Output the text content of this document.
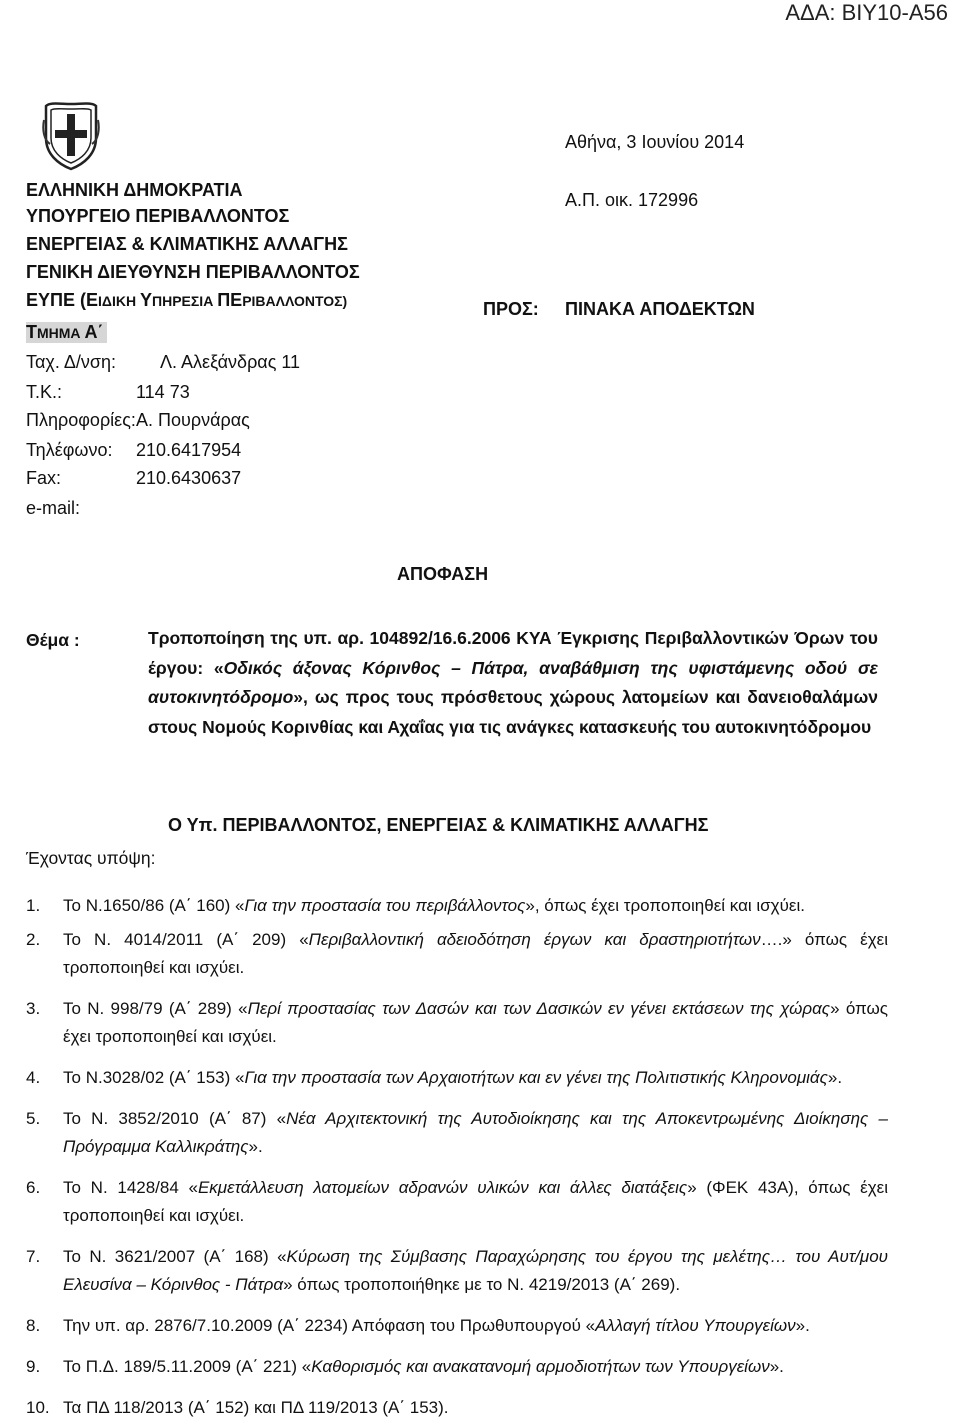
ΑΔΑ: ΒΙΥ10-Α56
ΕΛΛΗΝΙΚΗ ΔΗΜΟΚΡΑΤΙΑ
ΥΠΟΥΡΓΕΙΟ ΠΕΡΙΒΑΛΛΟΝΤΟΣ
ΕΝΕΡΓΕΙΑΣ & ΚΛΙΜΑΤΙΚΗΣ ΑΛΛΑΓΗΣ
ΓΕΝΙΚΗ ΔΙΕΥΘΥΝΣΗ ΠΕΡΙΒΑΛΛΟΝΤΟΣ
ΕΥΠΕ (ΕΙΔΙΚΗ ΥΠΗΡΕΣΙΑ ΠΕΡΙΒΑΛΛΟΝΤΟΣ)
ΤΜΗΜΑ Α΄
Ταχ. Δ/νση: Λ. Αλεξάνδρας 11
Τ.Κ.:	114 73
Πληροφορίες: Α. Πουρνάρας
Τηλέφωνο: 210.6417954
Fax:	210.6430637
e-mail:
Αθήνα, 3 Ιουνίου 2014
Α.Π. οικ. 172996
ΠΡΟΣ: ΠΙΝΑΚΑ ΑΠΟΔΕΚΤΩΝ
ΑΠΟΦΑΣΗ
Θέμα :	Τροποποίηση της υπ. αρ. 104892/16.6.2006 ΚΥΑ Έγκρισης Περιβαλλοντικών Όρων του έργου: «Οδικός άξονας Κόρινθος – Πάτρα, αναβάθμιση της υφιστάμενης οδού σε αυτοκινητόδρομο», ως προς τους πρόσθετους χώρους λατομείων και δανειοθαλάμων στους Νομούς Κορινθίας και Αχαΐας για τις ανάγκες κατασκευής του αυτοκινητόδρομου
Ο Υπ. ΠΕΡΙΒΑΛΛΟΝΤΟΣ, ΕΝΕΡΓΕΙΑΣ & ΚΛΙΜΑΤΙΚΗΣ ΑΛΛΑΓΗΣ
Έχοντας υπόψη:
1.	Το Ν.1650/86 (Α΄ 160) «Για την προστασία του περιβάλλοντος», όπως έχει τροποποιηθεί και ισχύει.
2.	Το Ν. 4014/2011 (Α΄ 209) «Περιβαλλοντική αδειοδότηση έργων και δραστηριοτήτων….» όπως έχει τροποποιηθεί και ισχύει.
3.	Το Ν. 998/79 (Α΄ 289) «Περί προστασίας των Δασών και των Δασικών εν γένει εκτάσεων της χώρας» όπως έχει τροποποιηθεί και ισχύει.
4.	Το Ν.3028/02 (Α΄ 153) «Για την προστασία των Αρχαιοτήτων και εν γένει της Πολιτιστικής Κληρονομιάς».
5.	Το Ν. 3852/2010 (Α΄ 87) «Νέα Αρχιτεκτονική της Αυτοδιοίκησης και της Αποκεντρωμένης Διοίκησης – Πρόγραμμα Καλλικράτης».
6.	Το Ν. 1428/84 «Εκμετάλλευση λατομείων αδρανών υλικών και άλλες διατάξεις» (ΦΕΚ 43Α), όπως έχει τροποποιηθεί και ισχύει.
7.	Το Ν. 3621/2007 (Α΄ 168) «Κύρωση της Σύμβασης Παραχώρησης του έργου της μελέτης… του Αυτ/μου Ελευσίνα – Κόρινθος - Πάτρα» όπως τροποποιήθηκε με το Ν. 4219/2013 (Α΄ 269).
8.	Την υπ. αρ. 2876/7.10.2009 (Α΄ 2234) Απόφαση του Πρωθυπουργού «Αλλαγή τίτλου Υπουργείων».
9.	Το Π.Δ. 189/5.11.2009 (Α΄ 221) «Καθορισμός και ανακατανομή αρμοδιοτήτων των Υπουργείων».
10. Τα ΠΔ 118/2013 (Α΄ 152) και ΠΔ 119/2013 (Α΄ 153).
